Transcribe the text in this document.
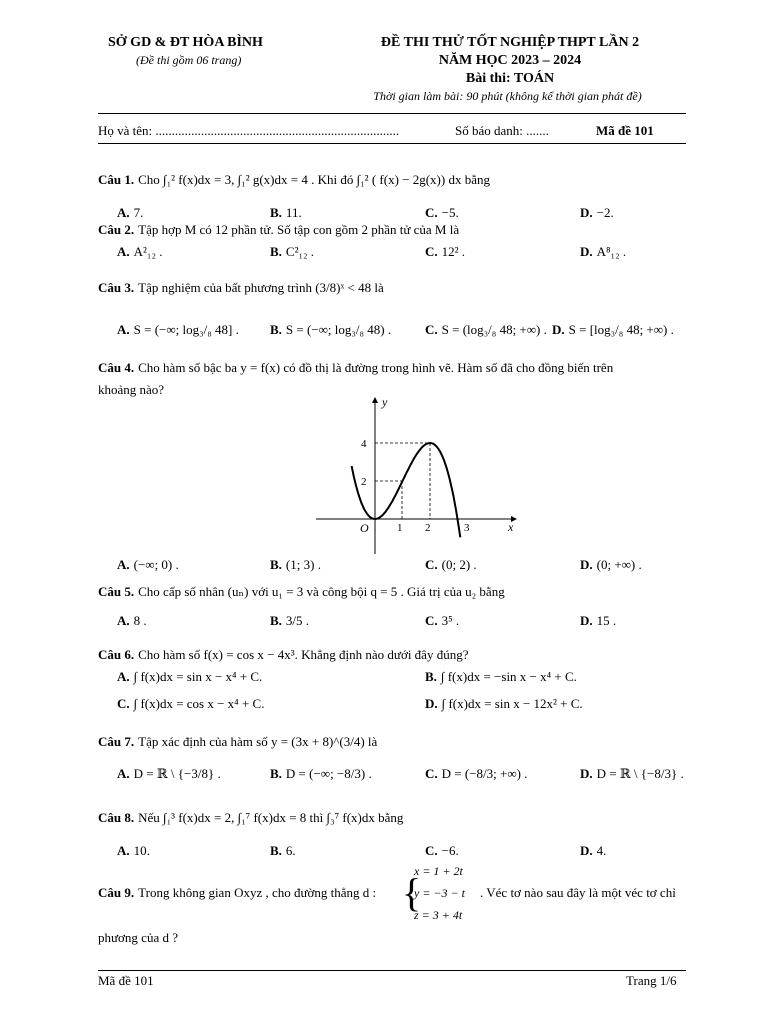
SỞ GD & ĐT HÒA BÌNH
(Đề thi gồm 06 trang)
ĐỀ THI THỬ TỐT NGHIỆP THPT LẦN 2
NĂM HỌC 2023 – 2024
Bài thi: TOÁN
Thời gian làm bài: 90 phút (không kể thời gian phát đề)
Họ và tên: ...........................................................................	Số báo danh: .......	Mã đề 101
Câu 1. Cho ∫₁² f(x)dx = 3, ∫₁² g(x)dx = 4 . Khi đó ∫₁² ( f(x) − 2g(x)) dx bằng
A. 7.	B. 11.	C. −5.	D. −2.
Câu 2. Tập hợp M có 12 phần tử. Số tập con gồm 2 phần tử của M là
A. A²₁₂ .	B. C²₁₂ .	C. 12² .	D. A⁸₁₂ .
Câu 3. Tập nghiệm của bất phương trình (3/8)ˣ < 48 là
A. S = (−∞; log₃/₈ 48] . B. S = (−∞; log₃/₈ 48) .	C. S = (log₃/₈ 48; +∞) . D. S = [log₃/₈ 48; +∞) .
Câu 4. Cho hàm số bậc ba y = f(x) có đồ thị là đường trong hình vẽ. Hàm số đã cho đồng biến trên
khoảng nào?
y
x
O	1 2	3
2
4
A. (−∞; 0) .	B. (1; 3) .	C. (0; 2) .	D. (0; +∞) .
Câu 5. Cho cấp số nhân (uₙ) với u₁ = 3 và công bội q = 5 . Giá trị của u₂ bằng
A. 8 .	B. 3/5 .	C. 3⁵ .	D. 15 .
Câu 6. Cho hàm số f(x) = cos x − 4x³. Khẳng định nào dưới đây đúng?
A. ∫ f(x)dx = sin x − x⁴ + C.	B. ∫ f(x)dx = −sin x − x⁴ + C.
C. ∫ f(x)dx = cos x − x⁴ + C.	D. ∫ f(x)dx = sin x − 12x² + C.
Câu 7. Tập xác định của hàm số y = (3x + 8)^(3/4) là
A. D = ℝ \ {−3/8} .	B. D = (−∞; −8/3) .	C. D = (−8/3; +∞) .	D. D = ℝ \ {−8/3} .
Câu 8. Nếu ∫₁³ f(x)dx = 2, ∫₁⁷ f(x)dx = 8 thì ∫₃⁷ f(x)dx bằng
A. 10.	B. 6.	C. −6.	D. 4.
Câu 9. Trong không gian Oxyz , cho đường thẳng d : {
x = 1 + 2t
y = −3 − t
z = 3 + 4t
. Véc tơ nào sau đây là một véc tơ chỉ
phương của d ?
Mã đề 101	Trang 1/6
